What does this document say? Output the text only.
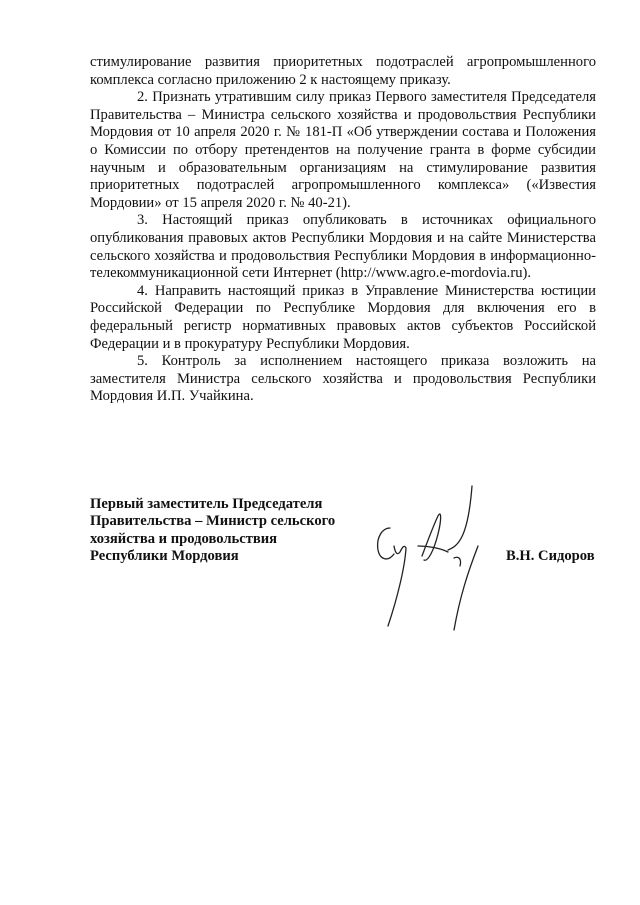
стимулирование развития приоритетных подотраслей агропромышленного комплекса согласно приложению 2 к настоящему приказу.

2. Признать утратившим силу приказ Первого заместителя Председателя Правительства – Министра сельского хозяйства и продовольствия Республики Мордовия от 10 апреля 2020 г. № 181-П «Об утверждении состава и Положения о Комиссии по отбору претендентов на получение гранта в форме субсидии научным и образовательным организациям на стимулирование развития приоритетных подотраслей агропромышленного комплекса» («Известия Мордовии» от 15 апреля 2020 г. № 40-21).

3. Настоящий приказ опубликовать в источниках официального опубликования правовых актов Республики Мордовия и на сайте Министерства сельского хозяйства и продовольствия Республики Мордовия в информационно-телекоммуникационной сети Интернет (http://www.agro.e-mordovia.ru).

4. Направить настоящий приказ в Управление Министерства юстиции Российской Федерации по Республике Мордовия для включения его в федеральный регистр нормативных правовых актов субъектов Российской Федерации и в прокуратуру Республики Мордовия.

5. Контроль за исполнением настоящего приказа возложить на заместителя Министра сельского хозяйства и продовольствия Республики Мордовия И.П. Учайкина.

Первый заместитель Председателя
Правительства – Министр сельского
хозяйства и продовольствия
Республики Мордовия	В.Н. Сидоров
